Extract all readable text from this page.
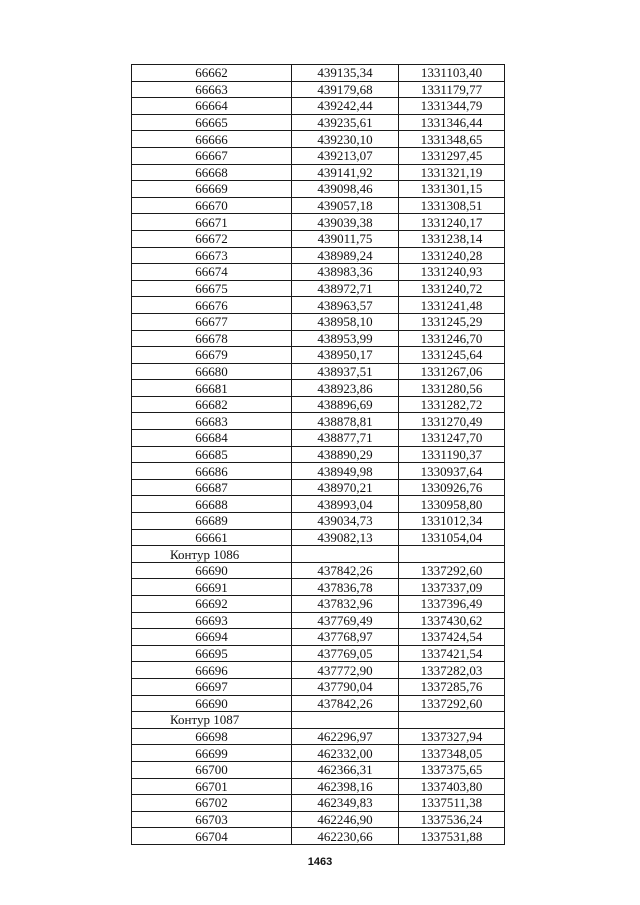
66662	439135,34	1331103,40
66663	439179,68	1331179,77
66664	439242,44	1331344,79
66665	439235,61	1331346,44
66666	439230,10	1331348,65
66667	439213,07	1331297,45
66668	439141,92	1331321,19
66669	439098,46	1331301,15
66670	439057,18	1331308,51
66671	439039,38	1331240,17
66672	439011,75	1331238,14
66673	438989,24	1331240,28
66674	438983,36	1331240,93
66675	438972,71	1331240,72
66676	438963,57	1331241,48
66677	438958,10	1331245,29
66678	438953,99	1331246,70
66679	438950,17	1331245,64
66680	438937,51	1331267,06
66681	438923,86	1331280,56
66682	438896,69	1331282,72
66683	438878,81	1331270,49
66684	438877,71	1331247,70
66685	438890,29	1331190,37
66686	438949,98	1330937,64
66687	438970,21	1330926,76
66688	438993,04	1330958,80
66689	439034,73	1331012,34
66661	439082,13	1331054,04
Контур 1086		
66690	437842,26	1337292,60
66691	437836,78	1337337,09
66692	437832,96	1337396,49
66693	437769,49	1337430,62
66694	437768,97	1337424,54
66695	437769,05	1337421,54
66696	437772,90	1337282,03
66697	437790,04	1337285,76
66690	437842,26	1337292,60
Контур 1087		
66698	462296,97	1337327,94
66699	462332,00	1337348,05
66700	462366,31	1337375,65
66701	462398,16	1337403,80
66702	462349,83	1337511,38
66703	462246,90	1337536,24
66704	462230,66	1337531,88
1463
